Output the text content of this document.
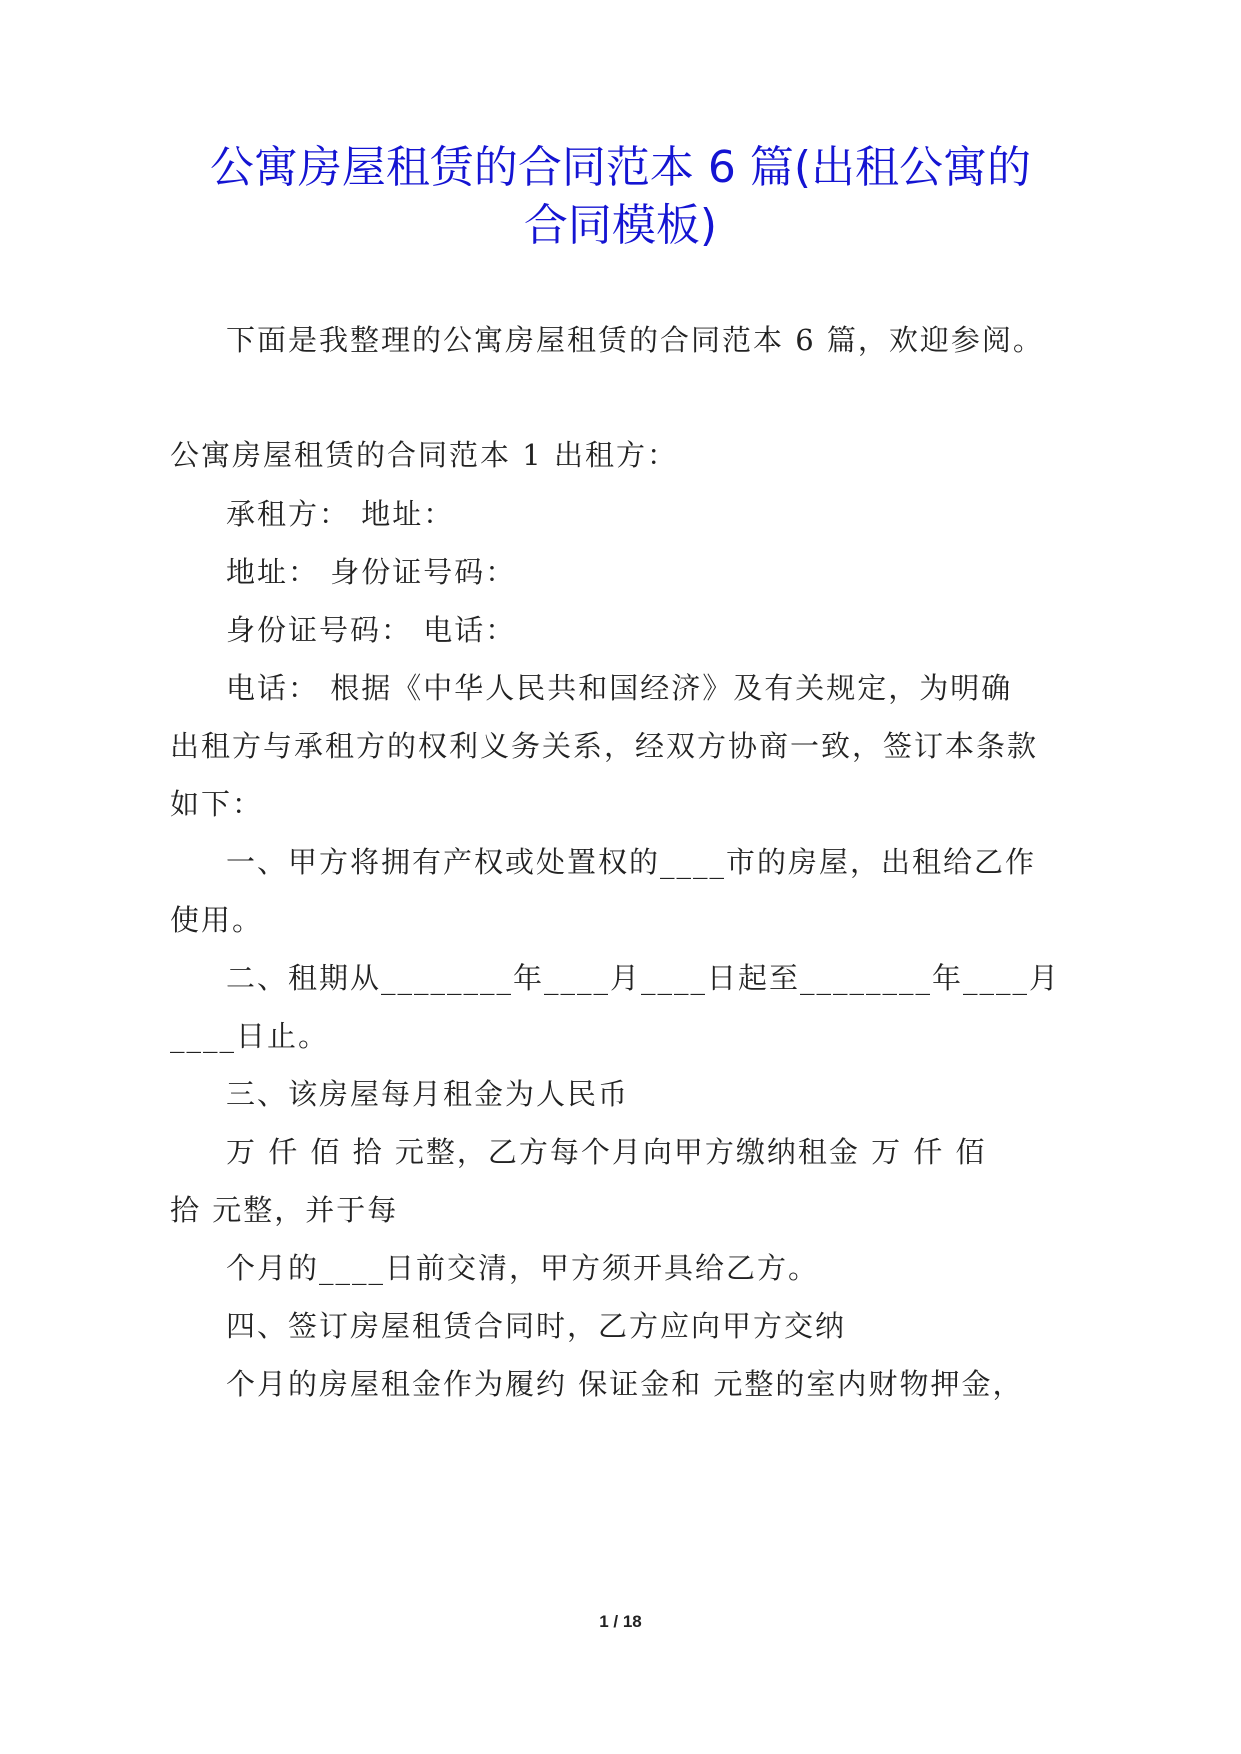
公寓房屋租赁的合同范本 6 篇(出租公寓的
合同模板)
下面是我整理的公寓房屋租赁的合同范本 6 篇，欢迎参阅。
公寓房屋租赁的合同范本 1 出租方：
承租方： 地址：
地址： 身份证号码：
身份证号码： 电话：
电话： 根据《中华人民共和国经济》及有关规定，为明确
出租方与承租方的权利义务关系，经双方协商一致，签订本条款
如下：
一、甲方将拥有产权或处置权的____市的房屋，出租给乙作
使用。
二、租期从________年____月____日起至________年____月
____日止。
三、该房屋每月租金为人民币
万 仟 佰 拾 元整，乙方每个月向甲方缴纳租金 万 仟 佰
拾 元整，并于每
个月的____日前交清，甲方须开具给乙方。
四、签订房屋租赁合同时，乙方应向甲方交纳
个月的房屋租金作为履约 保证金和 元整的室内财物押金，
1 / 18
